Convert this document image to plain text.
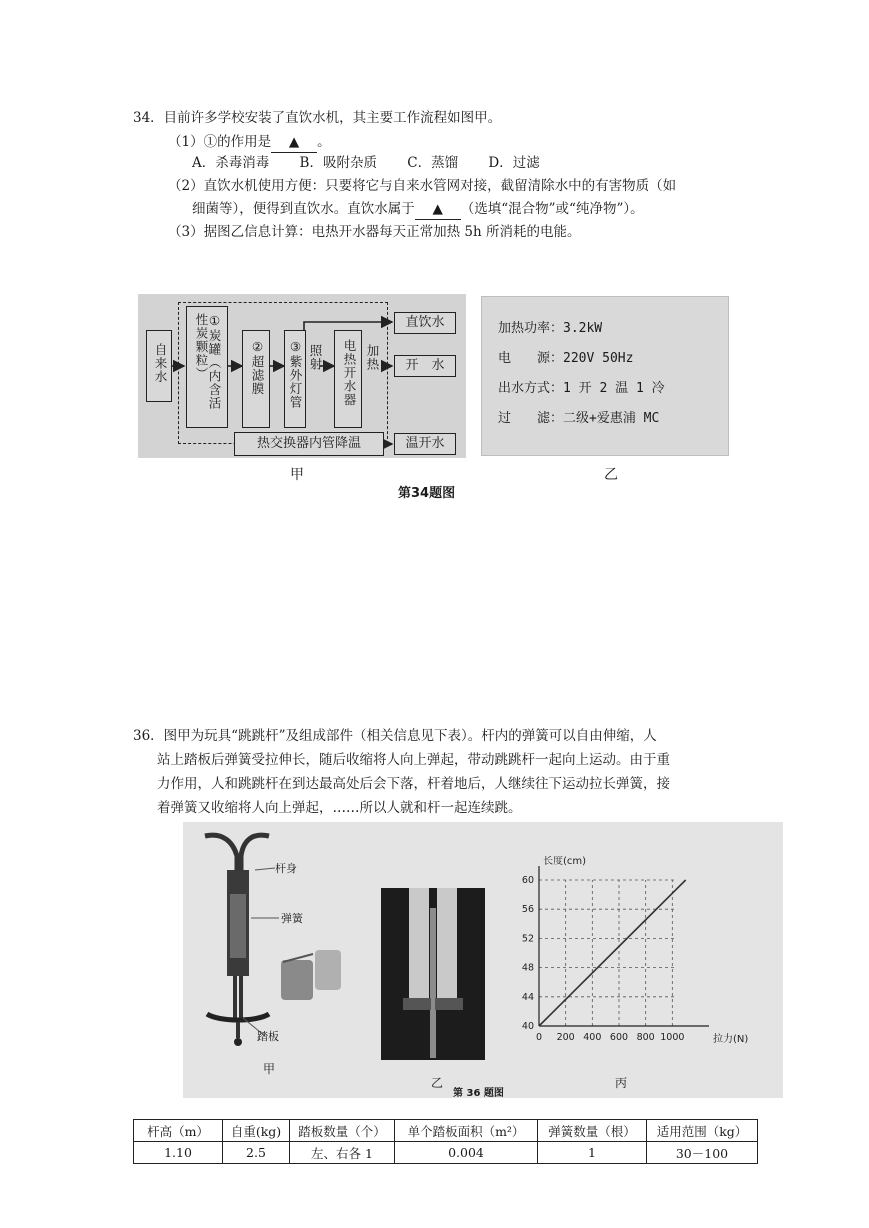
34．目前许多学校安装了直饮水机，其主要工作流程如图甲。
（1）①的作用是 ▲ 。
A．杀毒消毒 B．吸附杂质 C．蒸馏 D．过滤
（2）直饮水机使用方便：只要将它与自来水管网对接，截留清除水中的有害物质（如
细菌等），便得到直饮水。直饮水属于 ▲ （选填“混合物”或“纯净物”）。
（3）据图乙信息计算：电热开水器每天正常加热 5h 所消耗的电能。
自来水	①炭罐（内含活性炭颗粒）	②超滤膜	③紫外灯管 照射	电热开水器 加热
热交换器内管降温
直饮水
开　水
温开水
甲
加热功率：3.2kW
电　　源：220V 50Hz
出水方式：1 开 2 温 1 冷
过　　滤：二级+爱惠浦 MC
乙
第34题图
36．图甲为玩具“跳跳杆”及组成部件（相关信息见下表）。杆内的弹簧可以自由伸缩，人
站上踏板后弹簧受拉伸长，随后收缩将人向上弹起，带动跳跳杆一起向上运动。由于重
力作用，人和跳跳杆在到达最高处后会下落，杆着地后，人继续往下运动拉长弹簧，接
着弹簧又收缩将人向上弹起，……所以人就和杆一起连续跳。
杆身
弹簧
踏板
甲
乙
第 36 题图
0 200 400 600 800 1000
40
44
48
52
56
60
长度(cm)
拉力(N)
丙
杆高（m）	自重(kg)	踏板数量（个）	单个踏板面积（m²）	弹簧数量（根）	适用范围（kg）
1.10	2.5	左、右各 1	0.004	1	30－100
